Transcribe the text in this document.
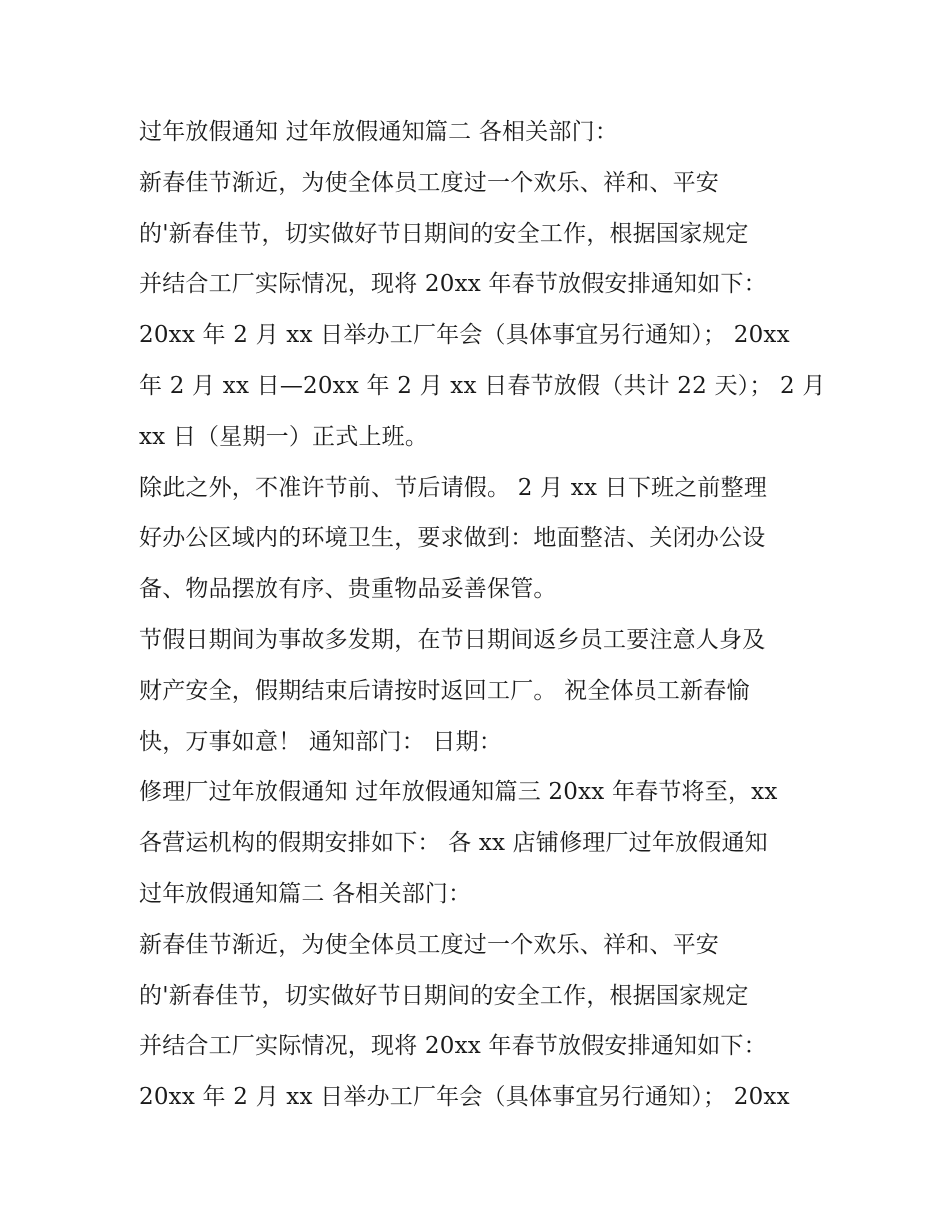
过年放假通知 过年放假通知篇二 各相关部门：
新春佳节渐近，为使全体员工度过一个欢乐、祥和、平安
的'新春佳节，切实做好节日期间的安全工作，根据国家规定
并结合工厂实际情况，现将 20xx 年春节放假安排通知如下：
20xx 年 2 月 xx 日举办工厂年会（具体事宜另行通知）； 20xx
年 2 月 xx 日—20xx 年 2 月 xx 日春节放假（共计 22 天）； 2 月
xx 日（星期一）正式上班。
除此之外，不准许节前、节后请假。 2 月 xx 日下班之前整理
好办公区域内的环境卫生，要求做到：地面整洁、关闭办公设
备、物品摆放有序、贵重物品妥善保管。
节假日期间为事故多发期，在节日期间返乡员工要注意人身及
财产安全，假期结束后请按时返回工厂。 祝全体员工新春愉
快，万事如意！ 通知部门： 日期：
修理厂过年放假通知 过年放假通知篇三 20xx 年春节将至，xx
各营运机构的假期安排如下： 各 xx 店铺修理厂过年放假通知
过年放假通知篇二 各相关部门：
新春佳节渐近，为使全体员工度过一个欢乐、祥和、平安
的'新春佳节，切实做好节日期间的安全工作，根据国家规定
并结合工厂实际情况，现将 20xx 年春节放假安排通知如下：
20xx 年 2 月 xx 日举办工厂年会（具体事宜另行通知）； 20xx
